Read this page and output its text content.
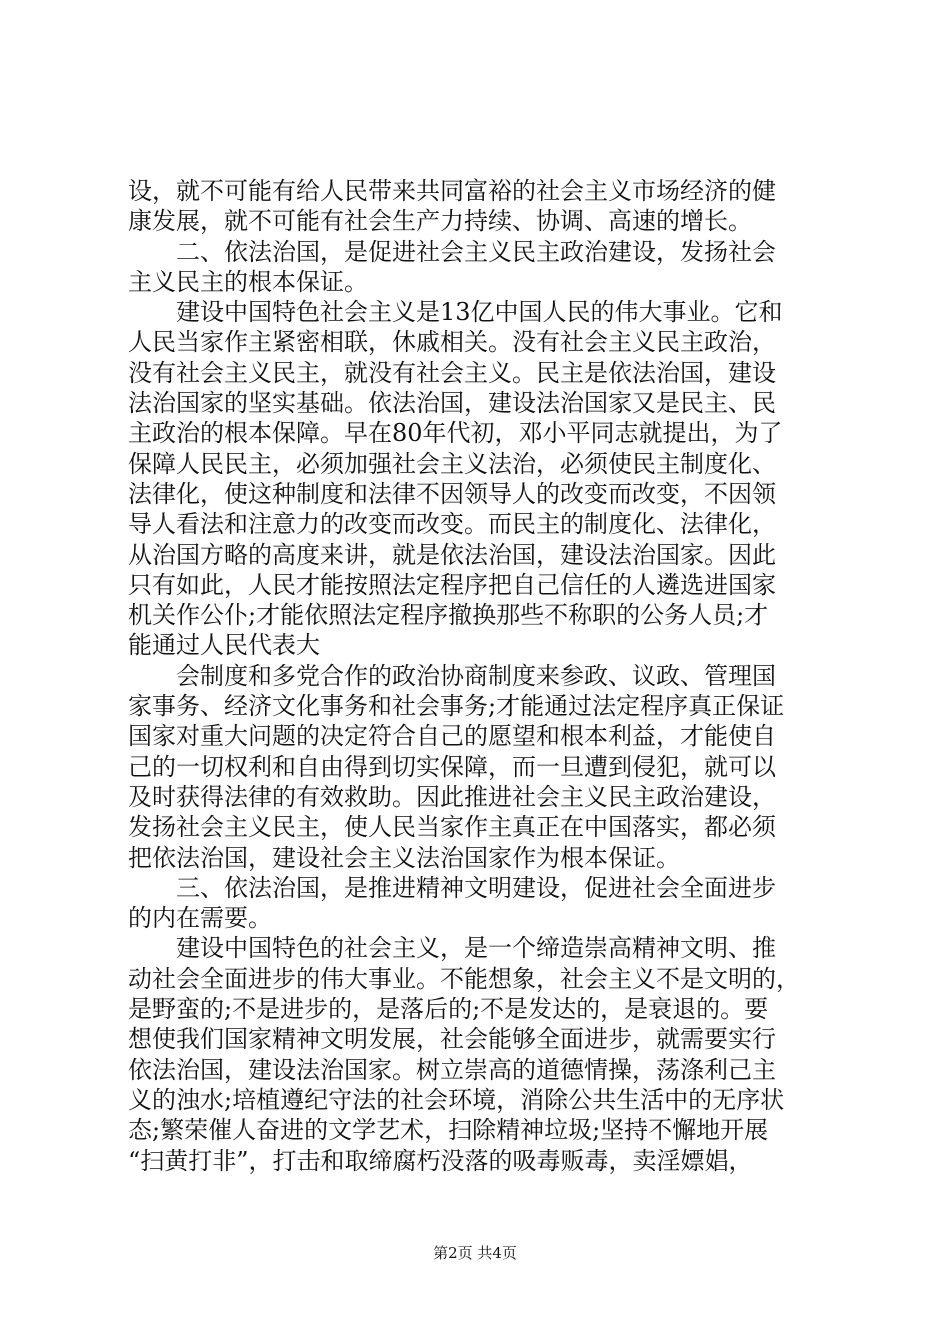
设，就不可能有给人民带来共同富裕的社会主义市场经济的健
康发展，就不可能有社会生产力持续、协调、高速的增长。
　　二、依法治国，是促进社会主义民主政治建设，发扬社会
主义民主的根本保证。
　　建设中国特色社会主义是13亿中国人民的伟大事业。它和
人民当家作主紧密相联，休戚相关。没有社会主义民主政治，
没有社会主义民主，就没有社会主义。民主是依法治国，建设
法治国家的坚实基础。依法治国，建设法治国家又是民主、民
主政治的根本保障。早在80年代初，邓小平同志就提出，为了
保障人民民主，必须加强社会主义法治，必须使民主制度化、
法律化，使这种制度和法律不因领导人的改变而改变，不因领
导人看法和注意力的改变而改变。而民主的制度化、法律化，
从治国方略的高度来讲，就是依法治国，建设法治国家。因此
只有如此，人民才能按照法定程序把自己信任的人遴选进国家
机关作公仆;才能依照法定程序撤换那些不称职的公务人员;才
能通过人民代表大
　　会制度和多党合作的政治协商制度来参政、议政、管理国
家事务、经济文化事务和社会事务;才能通过法定程序真正保证
国家对重大问题的决定符合自己的愿望和根本利益，才能使自
己的一切权利和自由得到切实保障，而一旦遭到侵犯，就可以
及时获得法律的有效救助。因此推进社会主义民主政治建设，
发扬社会主义民主，使人民当家作主真正在中国落实，都必须
把依法治国，建设社会主义法治国家作为根本保证。
　　三、依法治国，是推进精神文明建设，促进社会全面进步
的内在需要。
　　建设中国特色的社会主义，是一个缔造崇高精神文明、推
动社会全面进步的伟大事业。不能想象，社会主义不是文明的，
是野蛮的;不是进步的，是落后的;不是发达的，是衰退的。要
想使我们国家精神文明发展，社会能够全面进步，就需要实行
依法治国，建设法治国家。树立崇高的道德情操，荡涤利己主
义的浊水;培植遵纪守法的社会环境，消除公共生活中的无序状
态;繁荣催人奋进的文学艺术，扫除精神垃圾;坚持不懈地开展
“扫黄打非”，打击和取缔腐朽没落的吸毒贩毒，卖淫嫖娼，
第2页 共4页
